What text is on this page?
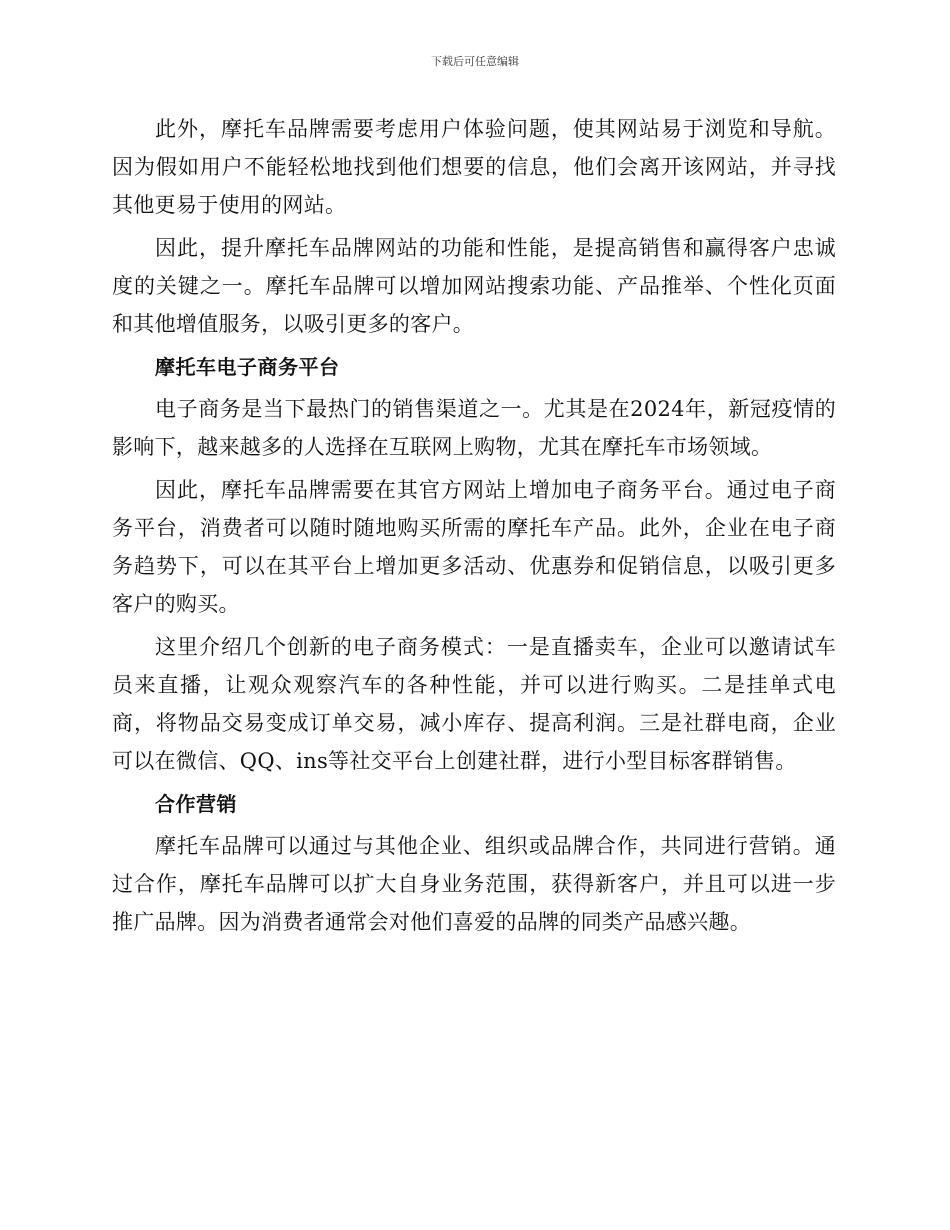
下载后可任意编辑

此外，摩托车品牌需要考虑用户体验问题，使其网站易于浏览和导航。因为假如用户不能轻松地找到他们想要的信息，他们会离开该网站，并寻找其他更易于使用的网站。

因此，提升摩托车品牌网站的功能和性能，是提高销售和赢得客户忠诚度的关键之一。摩托车品牌可以增加网站搜索功能、产品推举、个性化页面和其他增值服务，以吸引更多的客户。

摩托车电子商务平台

电子商务是当下最热门的销售渠道之一。尤其是在2024年，新冠疫情的影响下，越来越多的人选择在互联网上购物，尤其在摩托车市场领域。

因此，摩托车品牌需要在其官方网站上增加电子商务平台。通过电子商务平台，消费者可以随时随地购买所需的摩托车产品。此外，企业在电子商务趋势下，可以在其平台上增加更多活动、优惠券和促销信息，以吸引更多客户的购买。

这里介绍几个创新的电子商务模式：一是直播卖车，企业可以邀请试车员来直播，让观众观察汽车的各种性能，并可以进行购买。二是挂单式电商，将物品交易变成订单交易，减小库存、提高利润。三是社群电商，企业可以在微信、QQ、ins等社交平台上创建社群，进行小型目标客群销售。

合作营销

摩托车品牌可以通过与其他企业、组织或品牌合作，共同进行营销。通过合作，摩托车品牌可以扩大自身业务范围，获得新客户，并且可以进一步推广品牌。因为消费者通常会对他们喜爱的品牌的同类产品感兴趣。
